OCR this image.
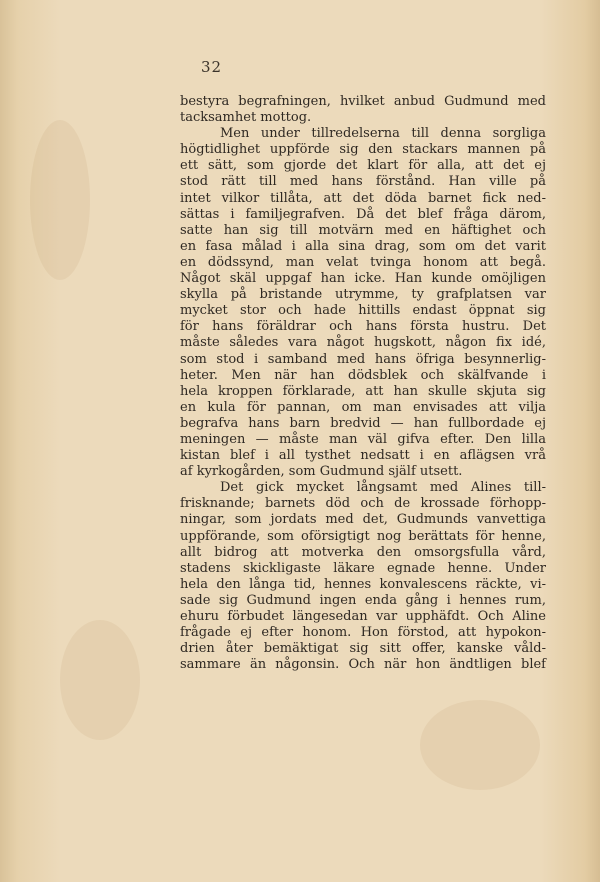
32
bestyra begrafningen, hvilket anbud Gudmund med
tacksamhet mottog.
Men under tillredelserna till denna sorgliga
högtidlighet uppförde sig den stackars mannen på
ett sätt, som gjorde det klart för alla, att det ej
stod rätt till med hans förstånd. Han ville på
intet vilkor tillåta, att det döda barnet fick ned-
sättas i familjegrafven. Då det blef fråga därom,
satte han sig till motvärn med en häftighet och
en fasa målad i alla sina drag, som om det varit
en dödssynd, man velat tvinga honom att begå.
Något skäl uppgaf han icke. Han kunde omöjligen
skylla på bristande utrymme, ty grafplatsen var
mycket stor och hade hittills endast öppnat sig
för hans föräldrar och hans första hustru. Det
måste således vara något hugskott, någon fix idé,
som stod i samband med hans öfriga besynnerlig-
heter. Men när han dödsblek och skälfvande i
hela kroppen förklarade, att han skulle skjuta sig
en kula för pannan, om man envisades att vilja
begrafva hans barn bredvid — han fullbordade ej
meningen — måste man väl gifva efter. Den lilla
kistan blef i all tysthet nedsatt i en aflägsen vrå
af kyrkogården, som Gudmund själf utsett.
Det gick mycket långsamt med Alines till-
frisknande; barnets död och de krossade förhopp-
ningar, som jordats med det, Gudmunds vanvettiga
uppförande, som oförsigtigt nog berättats för henne,
allt bidrog att motverka den omsorgsfulla vård,
stadens skickligaste läkare egnade henne. Under
hela den långa tid, hennes konvalescens räckte, vi-
sade sig Gudmund ingen enda gång i hennes rum,
ehuru förbudet längesedan var upphäfdt. Och Aline
frågade ej efter honom. Hon förstod, att hypokon-
drien åter bemäktigat sig sitt offer, kanske våld-
sammare än någonsin. Och när hon ändtligen blef
